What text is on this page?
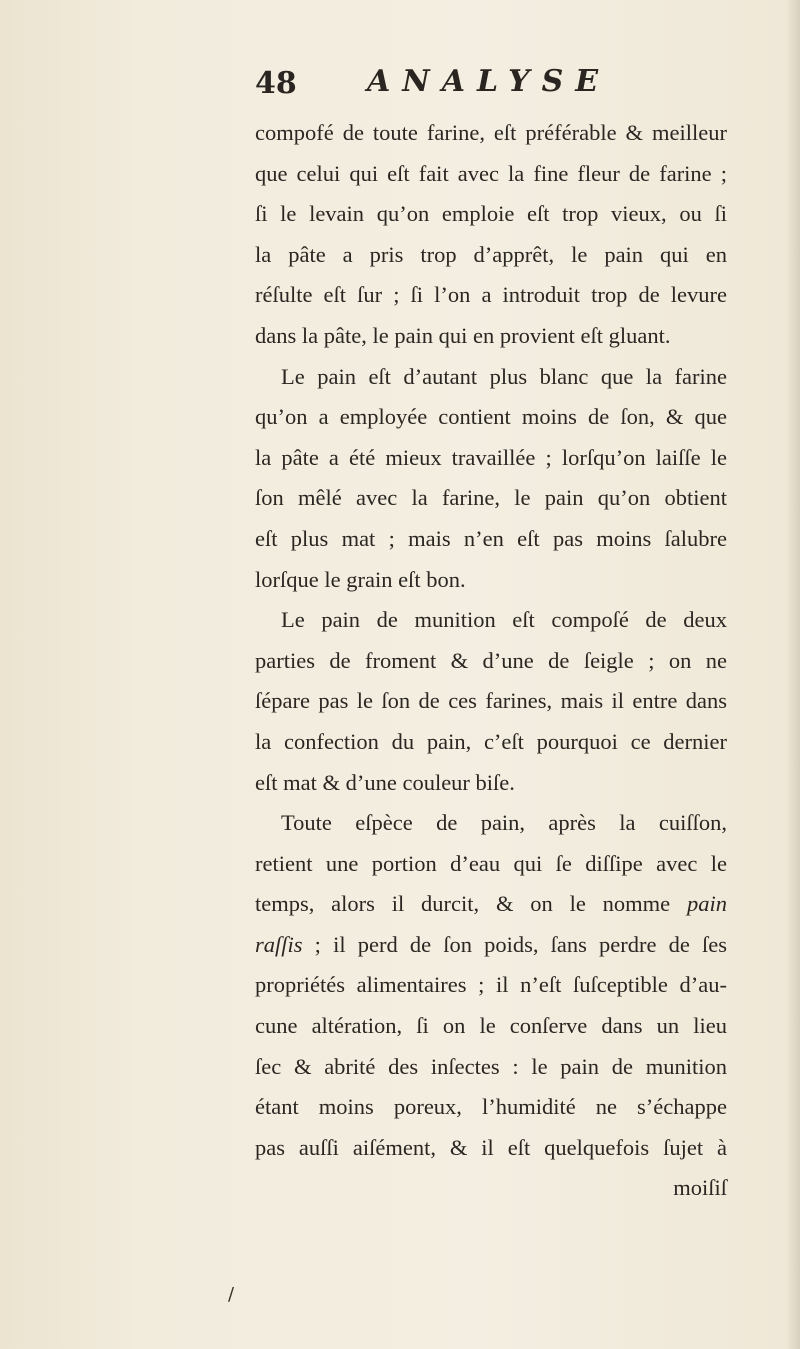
48 ANALYSE
compofé de toute farine, eſt préférable & meilleur
que celui qui eſt fait avec la fine fleur de farine ;
ſi le levain qu’on emploie eſt trop vieux, ou ſi
la pâte a pris trop d’apprêt, le pain qui en
réſulte eſt ſur ; ſi l’on a introduit trop de levure
dans la pâte, le pain qui en provient eſt gluant.
Le pain eſt d’autant plus blanc que la farine
qu’on a employée contient moins de ſon, & que
la pâte a été mieux travaillée ; lorſqu’on laiſſe le
ſon mêlé avec la farine, le pain qu’on obtient
eſt plus mat ; mais n’en eſt pas moins ſalubre
lorſque le grain eſt bon.
Le pain de munition eſt compoſé de deux
parties de froment & d’une de ſeigle ; on ne
ſépare pas le ſon de ces farines, mais il entre dans
la confection du pain, c’eſt pourquoi ce dernier
eſt mat & d’une couleur biſe.
Toute eſpèce de pain, après la cuiſſon,
retient une portion d’eau qui ſe diſſipe avec le
temps, alors il durcit, & on le nomme pain
raſſis ; il perd de ſon poids, ſans perdre de ſes
propriétés alimentaires ; il n’eſt ſuſceptible d’au-
cune altération, ſi on le conſerve dans un lieu
ſec & abrité des inſectes : le pain de munition
étant moins poreux, l’humidité ne s’échappe
pas auſſi aiſément, & il eſt quelquefois ſujet à
moiſiſ
/
